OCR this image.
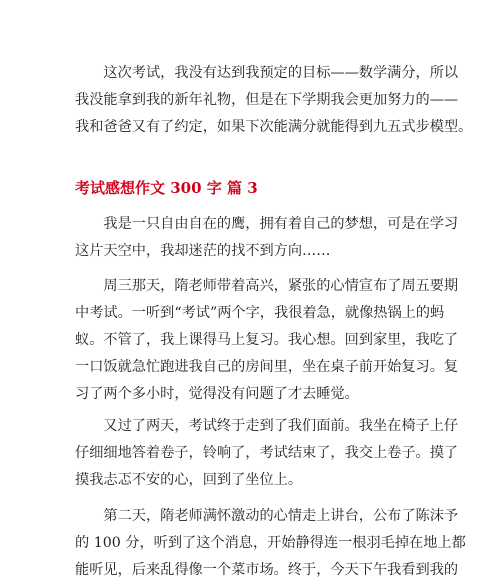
　　这次考试，我没有达到我预定的目标——数学满分，所以

我没能拿到我的新年礼物，但是在下学期我会更加努力的——

我和爸爸又有了约定，如果下次能满分就能得到九五式步模型。

考试感想作文 300 字 篇 3

　　我是一只自由自在的鹰，拥有着自己的梦想，可是在学习

这片天空中，我却迷茫的找不到方向……

　　周三那天，隋老师带着高兴，紧张的心情宣布了周五要期

中考试。一听到“考试”两个字，我很着急，就像热锅上的蚂

蚁。不管了，我上课得马上复习。我心想。回到家里，我吃了

一口饭就急忙跑进我自己的房间里，坐在桌子前开始复习。复

习了两个多小时，觉得没有问题了才去睡觉。

　　又过了两天，考试终于走到了我们面前。我坐在椅子上仔

仔细细地答着卷子，铃响了，考试结束了，我交上卷子。摸了

摸我忐忑不安的心，回到了坐位上。

　　第二天，隋老师满怀激动的心情走上讲台，公布了陈沫予

的 100 分，听到了这个消息，开始静得连一根羽毛掉在地上都

能听见，后来乱得像一个菜市场。终于，今天下午我看到我的
